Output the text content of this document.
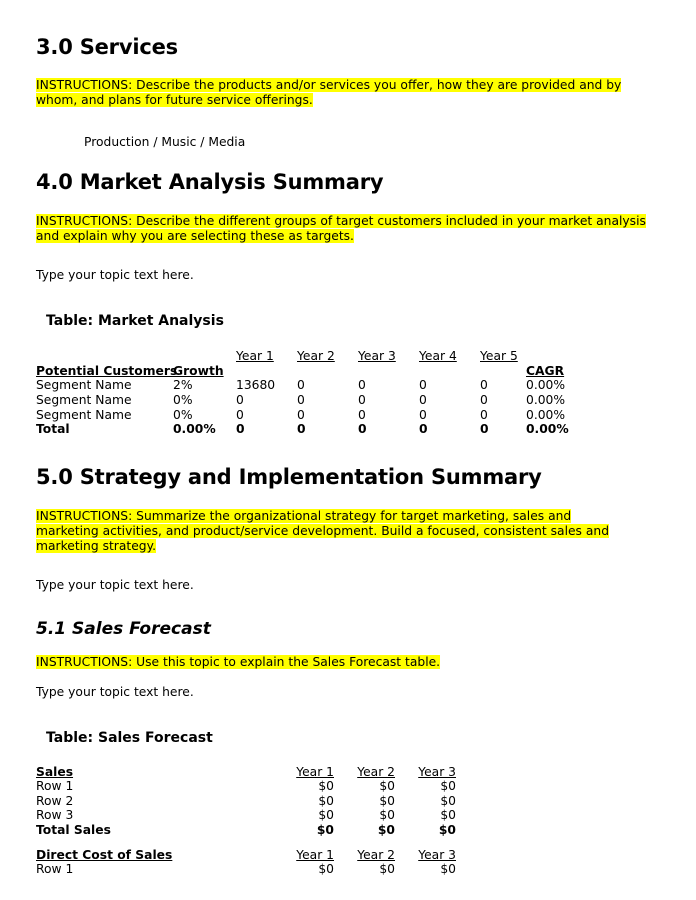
3.0 Services
INSTRUCTIONS: Describe the products and/or services you offer, how they are provided and by whom, and plans for future service offerings.
Production / Music / Media
4.0 Market Analysis Summary
INSTRUCTIONS: Describe the different groups of target customers included in your market analysis and explain why you are selecting these as targets.
Type your topic text here.
Table: Market Analysis
		Year 1	Year 2	Year 3	Year 4	Year 5	
Potential Customers	Growth						CAGR
Segment Name	2%	13680	0	0	0	0	0.00%
Segment Name	0%	0	0	0	0	0	0.00%
Segment Name	0%	0	0	0	0	0	0.00%
Total	0.00%	0	0	0	0	0	0.00%
5.0 Strategy and Implementation Summary
INSTRUCTIONS: Summarize the organizational strategy for target marketing, sales and marketing activities, and product/service development. Build a focused, consistent sales and marketing strategy.
Type your topic text here.
5.1 Sales Forecast
INSTRUCTIONS: Use this topic to explain the Sales Forecast table.
Type your topic text here.
Table: Sales Forecast
Sales	Year 1	Year 2	Year 3	
Row 1	$0	$0	$0	
Row 2	$0	$0	$0	
Row 3	$0	$0	$0	
Total Sales	$0	$0	$0	

Direct Cost of Sales	Year 1	Year 2	Year 3	
Row 1	$0	$0	$0	
